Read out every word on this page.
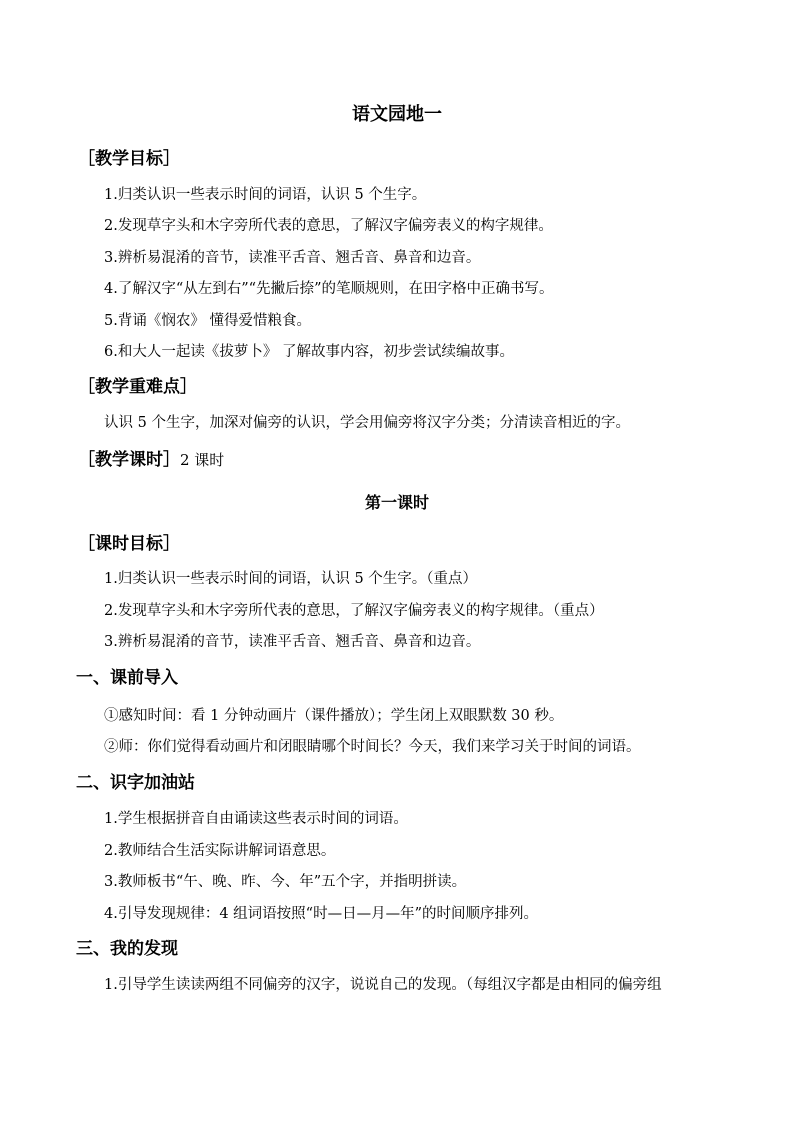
语文园地一
［教学目标］
1.归类认识一些表示时间的词语，认识 5 个生字。
2.发现草字头和木字旁所代表的意思，了解汉字偏旁表义的构字规律。
3.辨析易混淆的音节，读准平舌音、翘舌音、鼻音和边音。
4.了解汉字“从左到右”“先撇后捺”的笔顺规则，在田字格中正确书写。
5.背诵《悯农》 懂得爱惜粮食。
6.和大人一起读《拔萝卜》 了解故事内容，初步尝试续编故事。
［教学重难点］
认识 5 个生字，加深对偏旁的认识，学会用偏旁将汉字分类；分清读音相近的字。
［教学课时］2 课时
第一课时
［课时目标］
1.归类认识一些表示时间的词语，认识 5 个生字。（重点）
2.发现草字头和木字旁所代表的意思，了解汉字偏旁表义的构字规律。（重点）
3.辨析易混淆的音节，读准平舌音、翘舌音、鼻音和边音。
一、课前导入
①感知时间：看 1 分钟动画片（课件播放）；学生闭上双眼默数 30 秒。
②师：你们觉得看动画片和闭眼睛哪个时间长？今天，我们来学习关于时间的词语。
二、识字加油站
1.学生根据拼音自由诵读这些表示时间的词语。
2.教师结合生活实际讲解词语意思。
3.教师板书“午、晚、昨、今、年”五个字，并指明拼读。
4.引导发现规律：4 组词语按照“时—日—月—年”的时间顺序排列。
三、我的发现
1.引导学生读读两组不同偏旁的汉字，说说自己的发现。（每组汉字都是由相同的偏旁组
